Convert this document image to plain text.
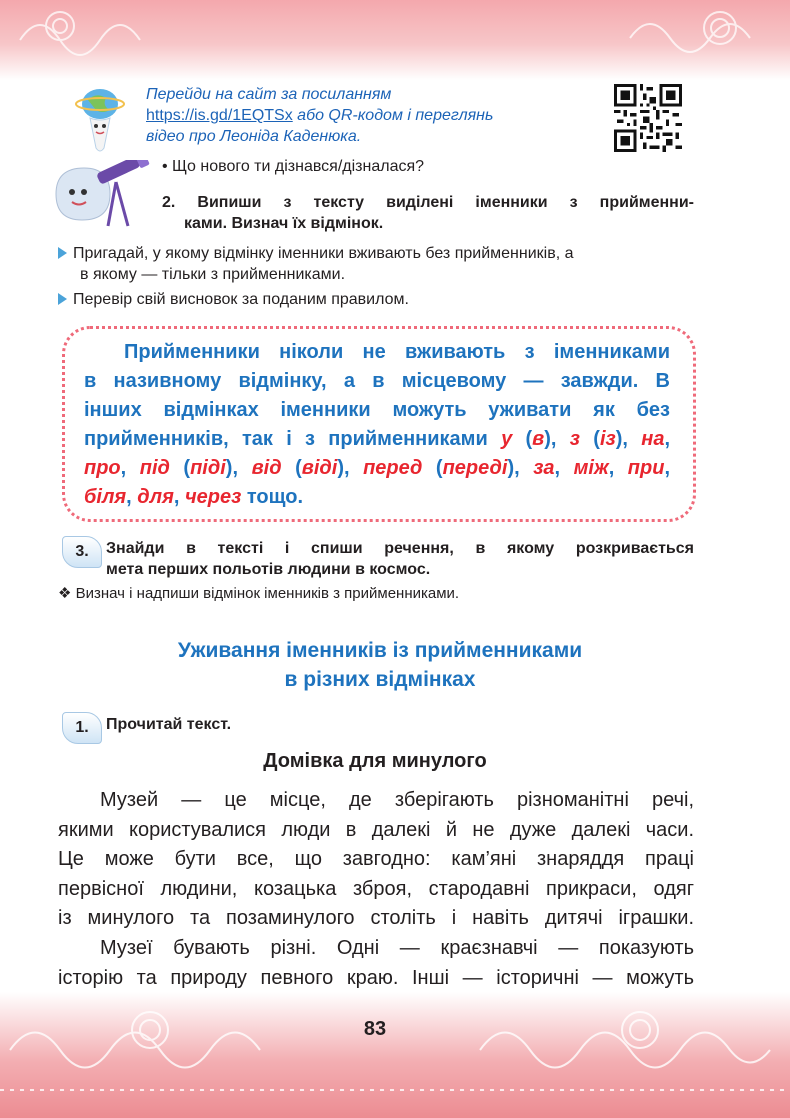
Перейди на сайт за посиланням
https://is.gd/1EQTSx або QR-кодом і переглянь
відео про Леоніда Каденюка.
• Що нового ти дізнався/дізналася?
2. Випиши з тексту виділені іменники з прийменни-
ками. Визнач їх відмінок.
Пригадай, у якому відмінку іменники вживають без прийменників, а
в якому — тільки з прийменниками.
Перевір свій висновок за поданим правилом.
Прийменники ніколи не вживають з іменниками
в називному відмінку, а в місцевому — завжди. В
інших відмінках іменники можуть уживати як без
прийменників, так і з прийменниками у (в), з (із), на,
про, під (піді), від (віді), перед (переді), за, між, при,
біля, для, через тощо.
3.	Знайди в тексті і спиши речення, в якому розкривається
мета перших польотів людини в космос.
❖ Визнач і надпиши відмінок іменників з прийменниками.
Уживання іменників із прийменниками
в різних відмінках
1.	Прочитай текст.
Домівка для минулого
Музей — це місце, де зберігають різноманітні речі,
якими користувалися люди в далекі й не дуже далекі часи.
Це може бути все, що завгодно: кам’яні знаряддя праці
первісної людини, козацька зброя, стародавні прикраси, одяг
із минулого та позаминулого століть і навіть дитячі іграшки.
Музеї бувають різні. Одні — краєзнавчі — показують
історію та природу певного краю. Інші — історичні — можуть
83
